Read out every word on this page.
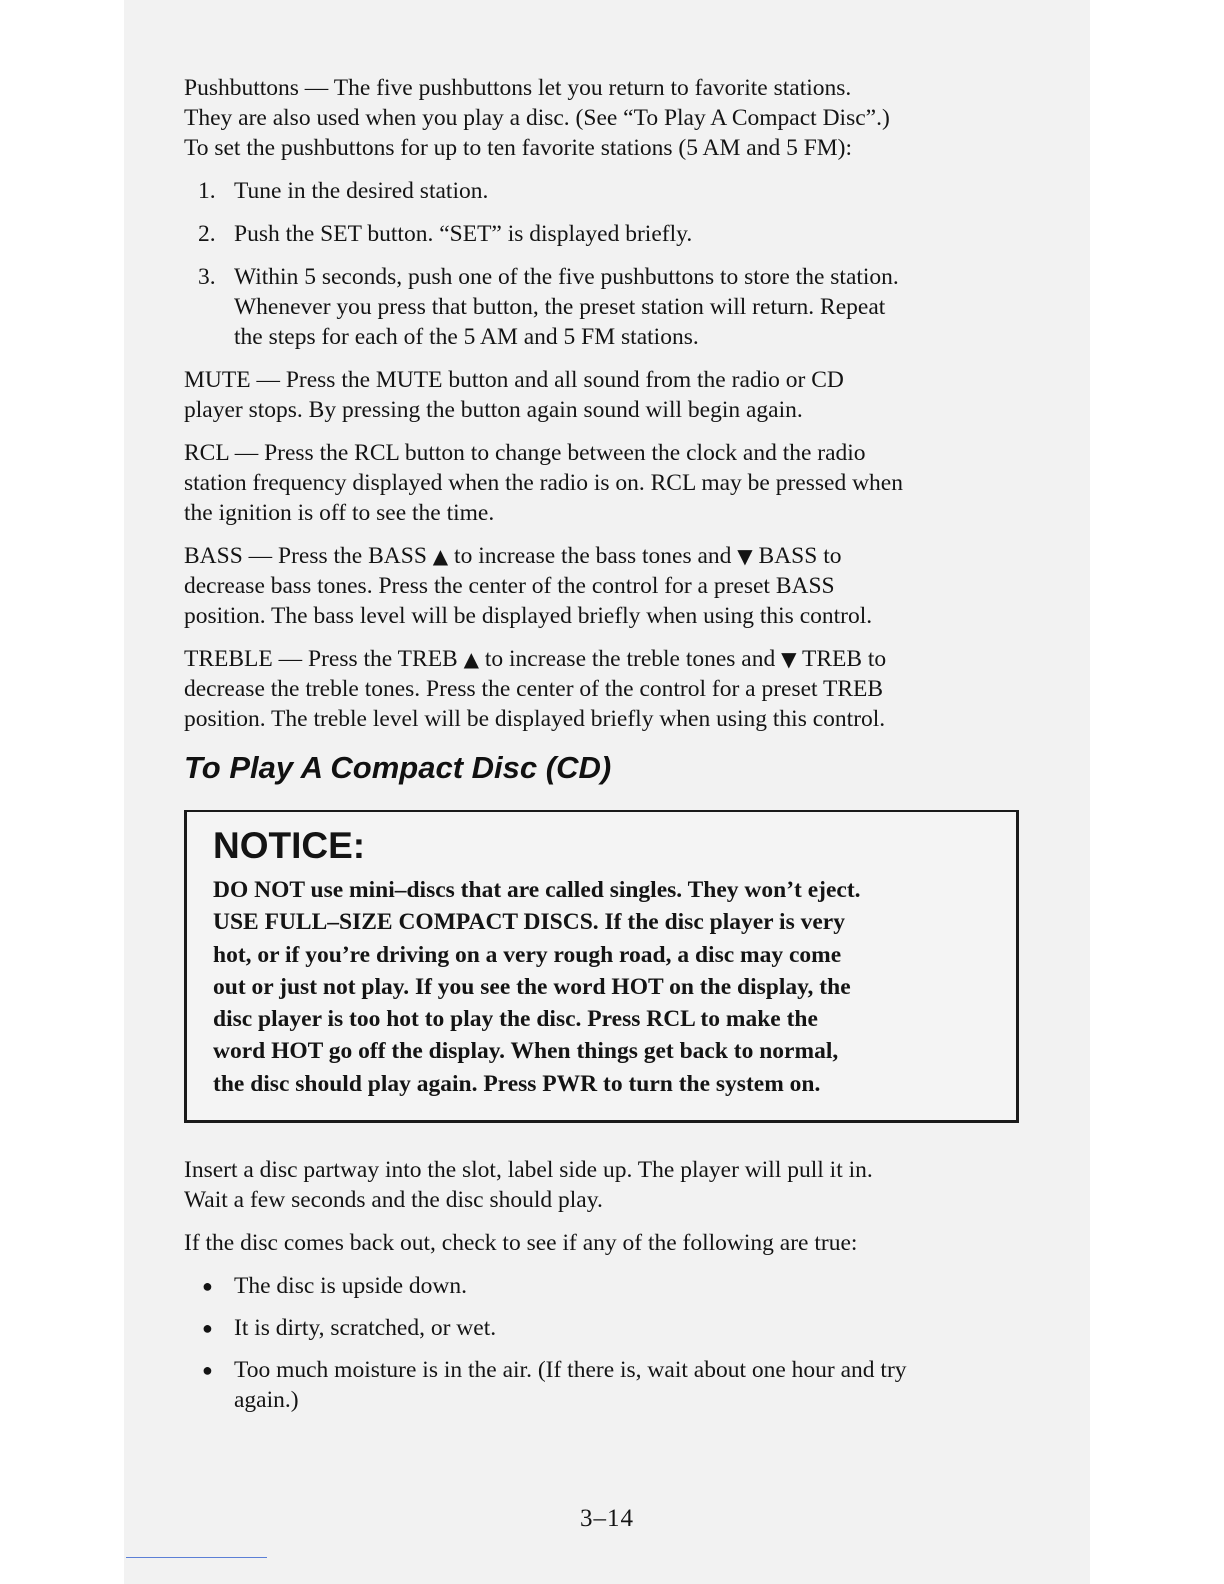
Pushbuttons — The five pushbuttons let you return to favorite stations.
They are also used when you play a disc. (See “To Play A Compact Disc”.)
To set the pushbuttons for up to ten favorite stations (5 AM and 5 FM):

1. Tune in the desired station.
2. Push the SET button. “SET” is displayed briefly.
3. Within 5 seconds, push one of the five pushbuttons to store the station.
Whenever you press that button, the preset station will return. Repeat
the steps for each of the 5 AM and 5 FM stations.

MUTE — Press the MUTE button and all sound from the radio or CD
player stops. By pressing the button again sound will begin again.

RCL — Press the RCL button to change between the clock and the radio
station frequency displayed when the radio is on. RCL may be pressed when
the ignition is off to see the time.

BASS — Press the BASS ▲ to increase the bass tones and ▼ BASS to
decrease bass tones. Press the center of the control for a preset BASS
position. The bass level will be displayed briefly when using this control.

TREBLE — Press the TREB ▲ to increase the treble tones and ▼ TREB to
decrease the treble tones. Press the center of the control for a preset TREB
position. The treble level will be displayed briefly when using this control.

To Play A Compact Disc (CD)
NOTICE:

DO NOT use mini–discs that are called singles. They won’t eject.
USE FULL–SIZE COMPACT DISCS. If the disc player is very
hot, or if you’re driving on a very rough road, a disc may come
out or just not play. If you see the word HOT on the display, the
disc player is too hot to play the disc. Press RCL to make the
word HOT go off the display. When things get back to normal,
the disc should play again. Press PWR to turn the system on.

Insert a disc partway into the slot, label side up. The player will pull it in.
Wait a few seconds and the disc should play.

If the disc comes back out, check to see if any of the following are true:

● The disc is upside down.
● It is dirty, scratched, or wet.
● Too much moisture is in the air. (If there is, wait about one hour and try
again.)
3–14
